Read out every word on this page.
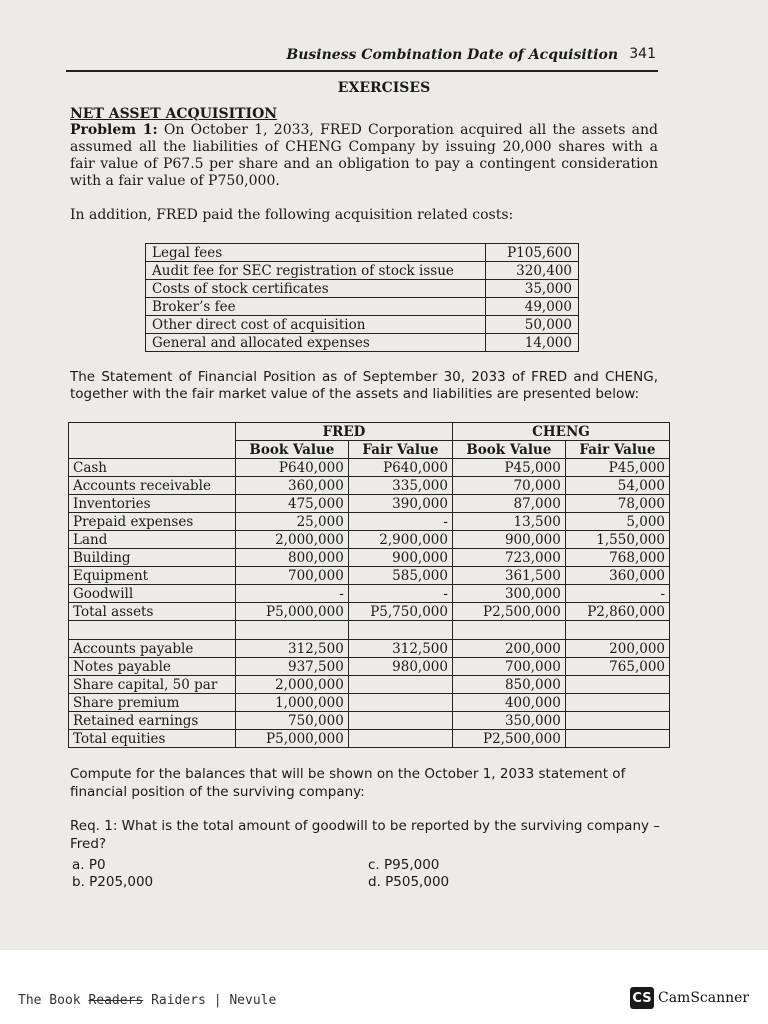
Business Combination Date of Acquisition 341
EXERCISES
NET ASSET ACQUISITION
Problem 1: On October 1, 2033, FRED Corporation acquired all the assets and assumed all the liabilities of CHENG Company by issuing 20,000 shares with a fair value of P67.5 per share and an obligation to pay a contingent consideration with a fair value of P750,000.
In addition, FRED paid the following acquisition related costs:
Legal fees	P105,600
Audit fee for SEC registration of stock issue	320,400
Costs of stock certificates	35,000
Broker’s fee	49,000
Other direct cost of acquisition	50,000
General and allocated expenses	14,000
The Statement of Financial Position as of September 30, 2033 of FRED and CHENG, together with the fair market value of the assets and liabilities are presented below:
	FRED		CHENG	
	Book Value	Fair Value	Book Value	Fair Value
Cash	P640,000	P640,000	P45,000	P45,000
Accounts receivable	360,000	335,000	70,000	54,000
Inventories	475,000	390,000	87,000	78,000
Prepaid expenses	25,000	-	13,500	5,000
Land	2,000,000	2,900,000	900,000	1,550,000
Building	800,000	900,000	723,000	768,000
Equipment	700,000	585,000	361,500	360,000
Goodwill	-	-	300,000	-
Total assets	P5,000,000	P5,750,000	P2,500,000	P2,860,000

Accounts payable	312,500	312,500	200,000	200,000
Notes payable	937,500	980,000	700,000	765,000
Share capital, 50 par	2,000,000		850,000	
Share premium	1,000,000		400,000	
Retained earnings	750,000		350,000	
Total equities	P5,000,000		P2,500,000	
Compute for the balances that will be shown on the October 1, 2033 statement of financial position of the surviving company:
Req. 1: What is the total amount of goodwill to be reported by the surviving company – Fred?
a. P0
b. P205,000
c. P95,000
d. P505,000
The Book Readers Raiders | Nevule	CS CamScanner
